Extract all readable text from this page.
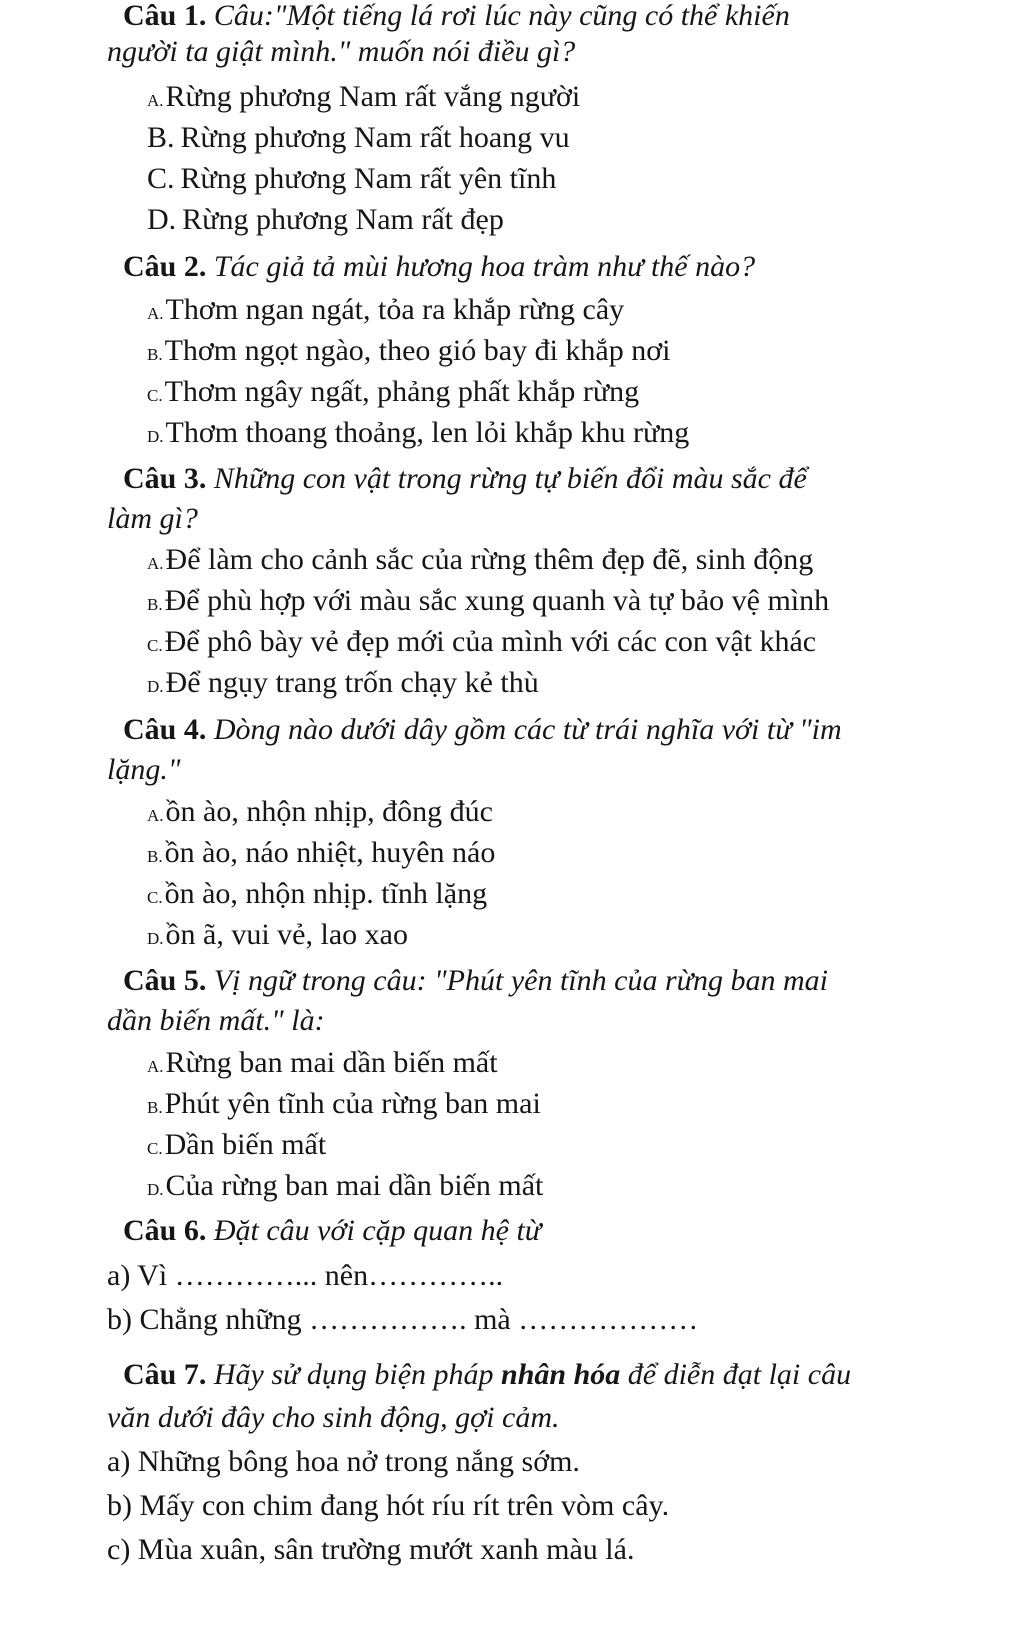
Câu 1. Câu:"Một tiếng lá rơi lúc này cũng có thể khiến
người ta giật mình." muốn nói điều gì?
A.Rừng phương Nam rất vắng người
B. Rừng phương Nam rất hoang vu
C. Rừng phương Nam rất yên tĩnh
D. Rừng phương Nam rất đẹp
Câu 2. Tác giả tả mùi hương hoa tràm như thế nào?
A.Thơm ngan ngát, tỏa ra khắp rừng cây
B.Thơm ngọt ngào, theo gió bay đi khắp nơi
C.Thơm ngây ngất, phảng phất khắp rừng
D.Thơm thoang thoảng, len lỏi khắp khu rừng
Câu 3. Những con vật trong rừng tự biến đổi màu sắc để
làm gì?
A.Để làm cho cảnh sắc của rừng thêm đẹp đẽ, sinh động
B.Để phù hợp với màu sắc xung quanh và tự bảo vệ mình
C.Để phô bày vẻ đẹp mới của mình với các con vật khác
D.Để ngụy trang trốn chạy kẻ thù
Câu 4. Dòng nào dưới dây gồm các từ trái nghĩa với từ "im
lặng."
A.ồn ào, nhộn nhịp, đông đúc
B.ồn ào, náo nhiệt, huyên náo
C.ồn ào, nhộn nhịp. tĩnh lặng
D.ồn ã, vui vẻ, lao xao
Câu 5. Vị ngữ trong câu: "Phút yên tĩnh của rừng ban mai
dần biến mất." là:
A.Rừng ban mai dần biến mất
B.Phút yên tĩnh của rừng ban mai
C.Dần biến mất
D.Của rừng ban mai dần biến mất
Câu 6. Đặt câu với cặp quan hệ từ
a) Vì …………... nên…………..
b) Chẳng những ……………. mà ………………
Câu 7. Hãy sử dụng biện pháp nhân hóa để diễn đạt lại câu
văn dưới đây cho sinh động, gợi cảm.
a) Những bông hoa nở trong nắng sớm.
b) Mấy con chim đang hót ríu rít trên vòm cây.
c) Mùa xuân, sân trường mướt xanh màu lá.
